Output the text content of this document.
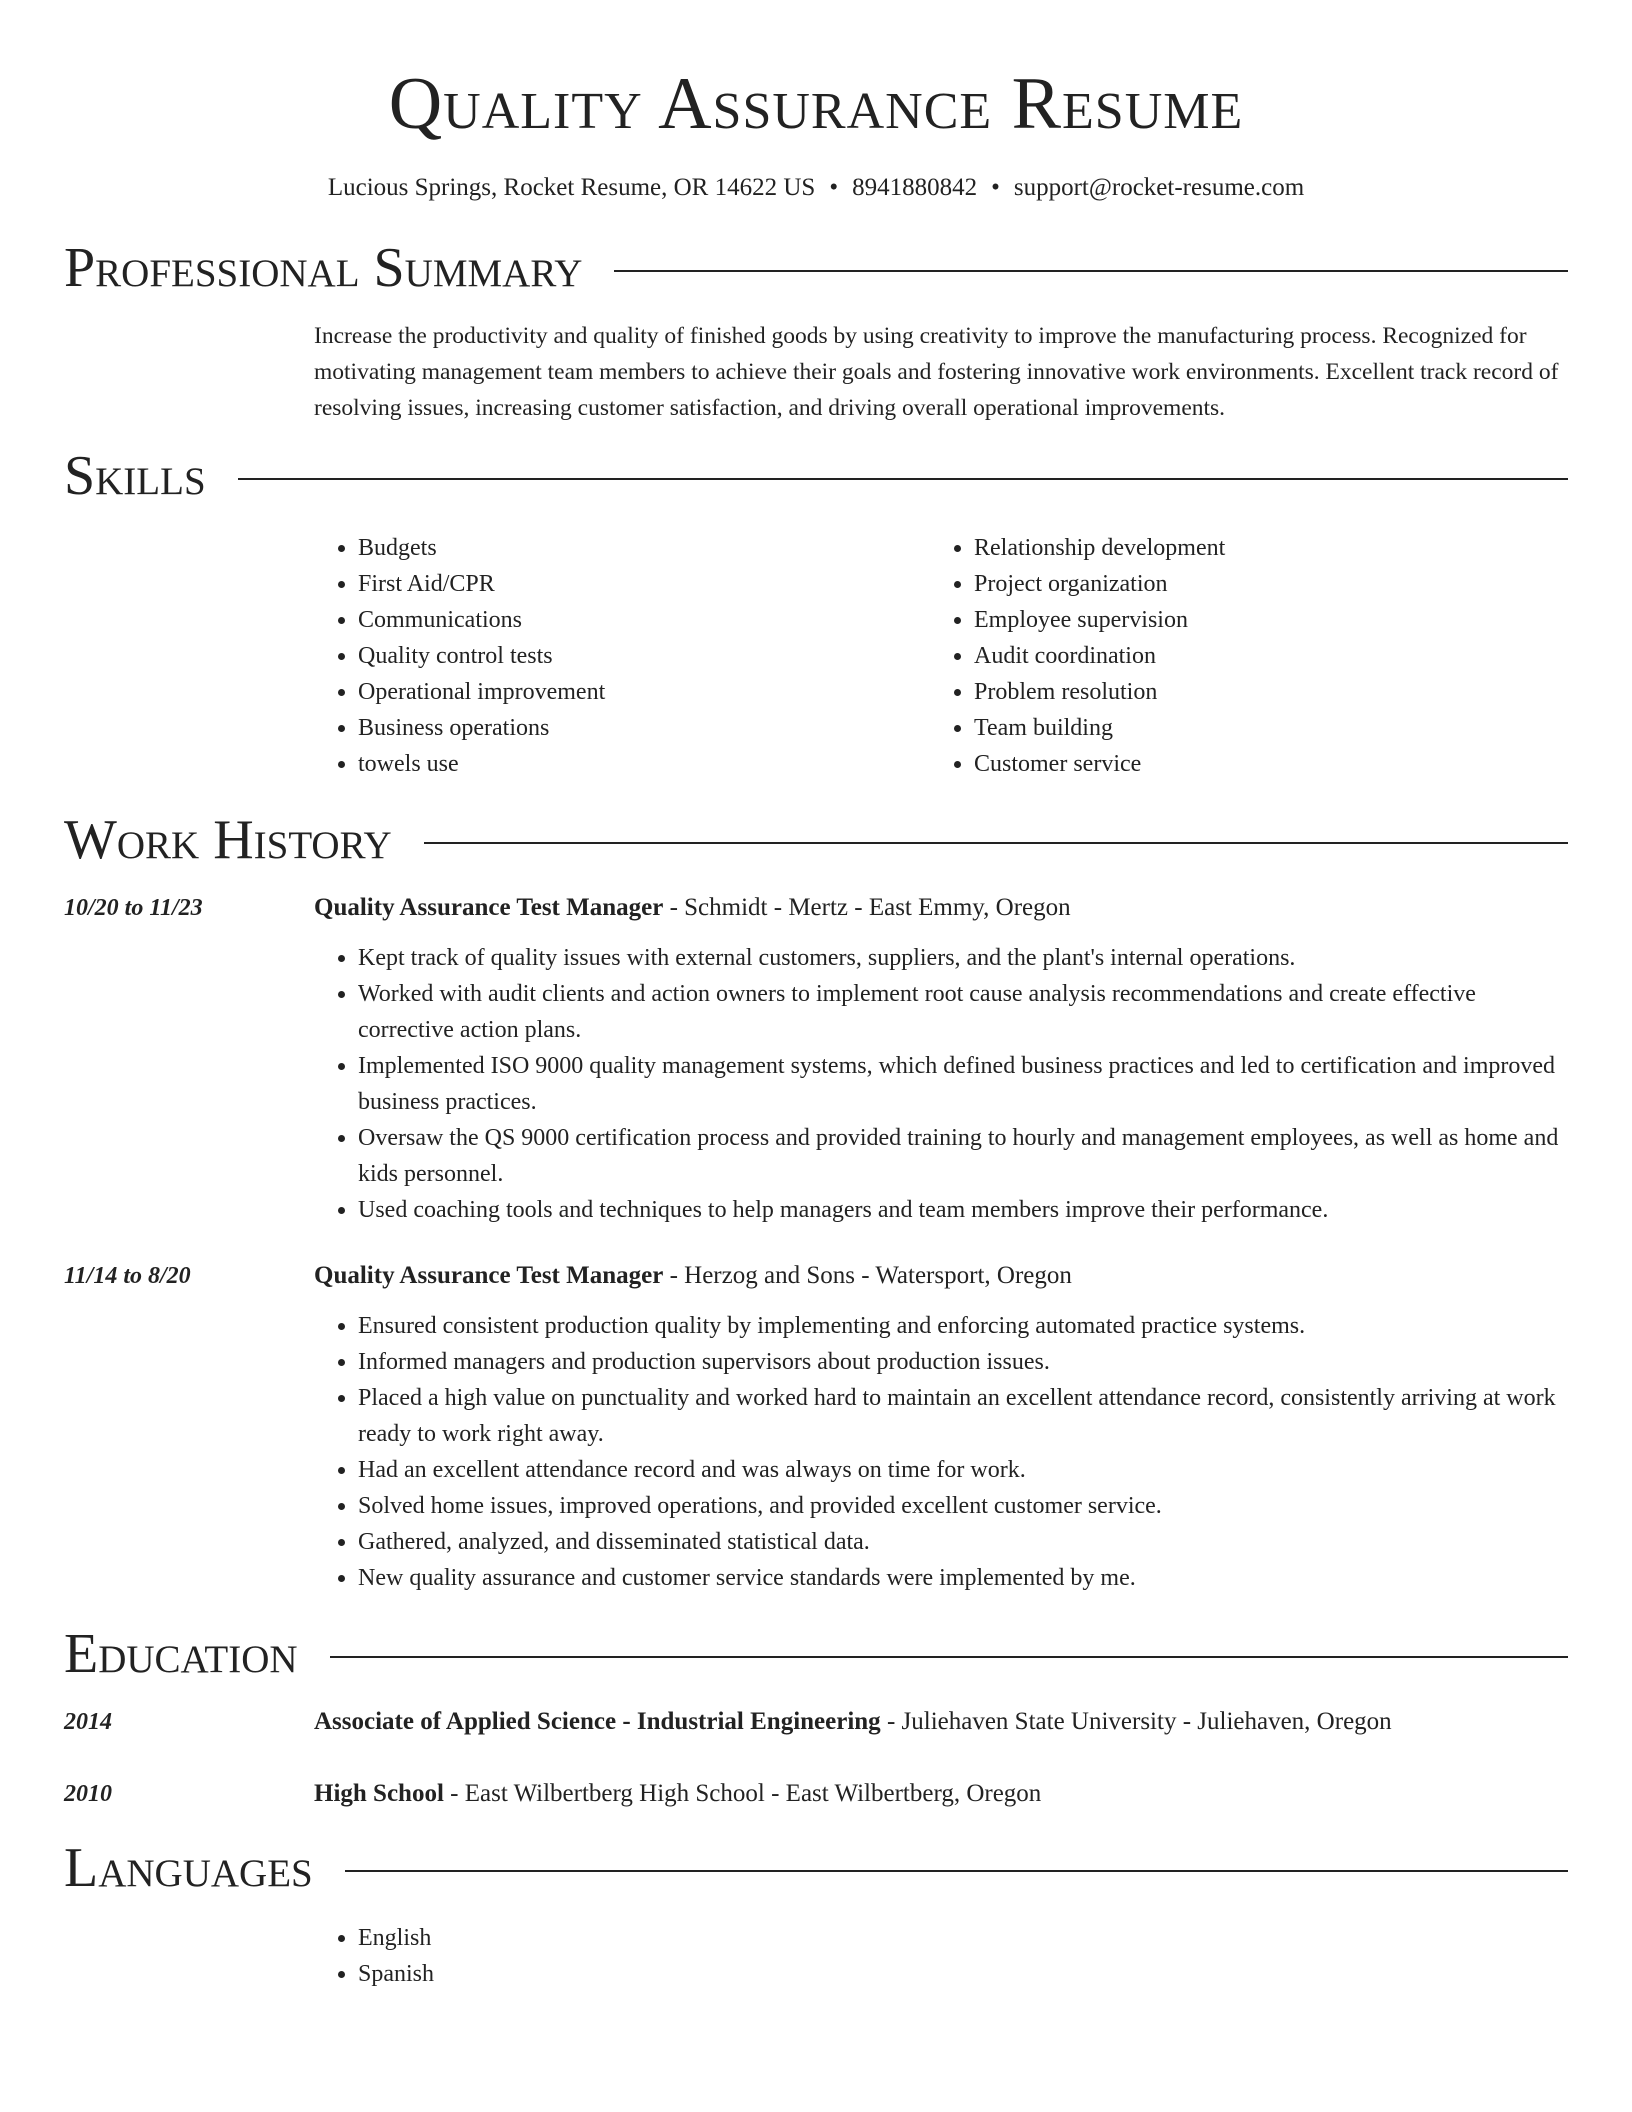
Quality Assurance Resume
Lucious Springs, Rocket Resume, OR 14622 US • 8941880842 • support@rocket-resume.com
Professional Summary
Increase the productivity and quality of finished goods by using creativity to improve the manufacturing process. Recognized for motivating management team members to achieve their goals and fostering innovative work environments. Excellent track record of resolving issues, increasing customer satisfaction, and driving overall operational improvements.
Skills
• Budgets
• First Aid/CPR
• Communications
• Quality control tests
• Operational improvement
• Business operations
• towels use
• Relationship development
• Project organization
• Employee supervision
• Audit coordination
• Problem resolution
• Team building
• Customer service
Work History
10/20 to 11/23	Quality Assurance Test Manager - Schmidt - Mertz - East Emmy, Oregon
• Kept track of quality issues with external customers, suppliers, and the plant's internal operations.
• Worked with audit clients and action owners to implement root cause analysis recommendations and create effective corrective action plans.
• Implemented ISO 9000 quality management systems, which defined business practices and led to certification and improved business practices.
• Oversaw the QS 9000 certification process and provided training to hourly and management employees, as well as home and kids personnel.
• Used coaching tools and techniques to help managers and team members improve their performance.
11/14 to 8/20	Quality Assurance Test Manager - Herzog and Sons - Watersport, Oregon
• Ensured consistent production quality by implementing and enforcing automated practice systems.
• Informed managers and production supervisors about production issues.
• Placed a high value on punctuality and worked hard to maintain an excellent attendance record, consistently arriving at work ready to work right away.
• Had an excellent attendance record and was always on time for work.
• Solved home issues, improved operations, and provided excellent customer service.
• Gathered, analyzed, and disseminated statistical data.
• New quality assurance and customer service standards were implemented by me.
Education
2014	Associate of Applied Science - Industrial Engineering - Juliehaven State University - Juliehaven, Oregon
2010	High School - East Wilbertberg High School - East Wilbertberg, Oregon
Languages
• English
• Spanish
